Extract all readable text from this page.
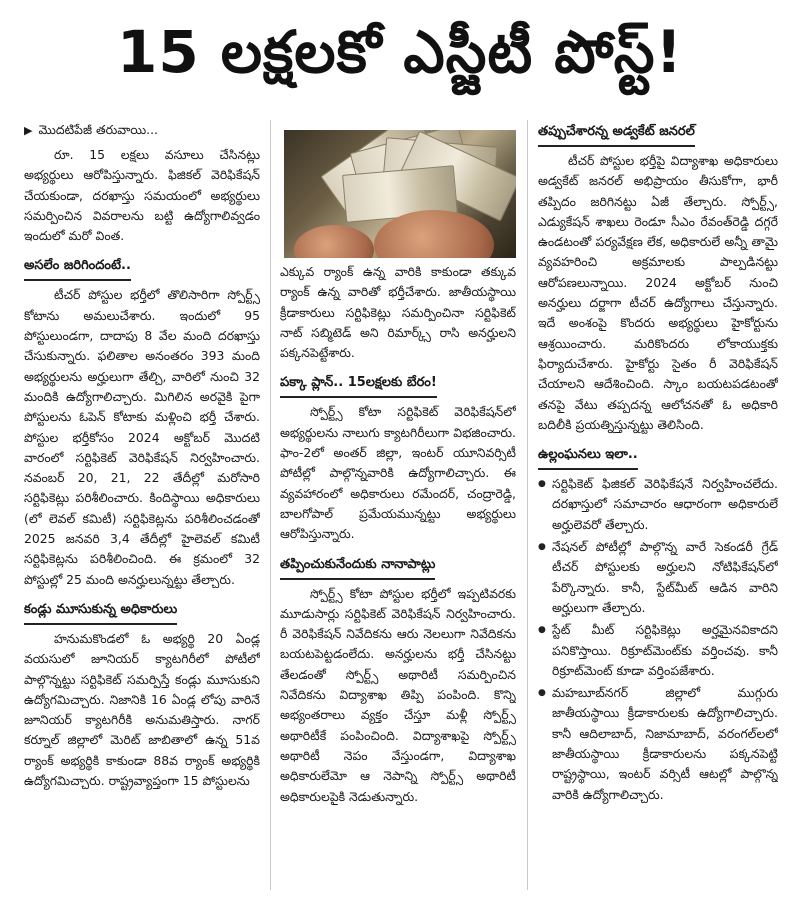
15 లక్షలకో ఎస్జీటీ పోస్ట్‌!
▶ మొదటిపేజీ తరువాయి...

రూ. 15 లక్షలు వసూలు చేసినట్లు అభ్యర్థులు ఆరోపిస్తున్నారు. ఫిజికల్ వెరిఫికేషన్ చేయకుండా, దరఖాస్తు సమయంలో అభ్యర్థులు సమర్పించిన వివరాలను బట్టి ఉద్యోగాలివ్వడం ఇందులో మరో వింత.

అసలేం జరిగిందంటే..

టీచర్ పోస్టుల భర్తీలో తొలిసారిగా స్పోర్ట్స్ కోటాను అమలుచేశారు. ఇందులో 95 పోస్టులుండగా, దాదాపు 8 వేల మంది దరఖాస్తు చేసుకున్నారు. ఫలితాల అనంతరం 393 మంది అభ్యర్థులను అర్హులుగా తేల్చి, వారిలో నుంచి 32 మందికి ఉద్యోగాలిచ్చారు. మిగిలిన అరవైకి పైగా పోస్టులను ఓపెన్ కోటాకు మళ్లించి భర్తీ చేశారు. పోస్టుల భర్తీకోసం 2024 అక్టోబర్ మొదటి వారంలో సర్టిఫికెట్ వెరిఫికేషన్ నిర్వహించారు. నవంబర్ 20, 21, 22 తేదీల్లో మరోసారి సర్టిఫికెట్లు పరిశీలించారు. కిందిస్థాయి అధికారులు (లో లెవల్ కమిటీ) సర్టిఫికెట్లను పరిశీలించడంతో 2025 జనవరి 3,4 తేదీల్లో హైలెవల్ కమిటీ సర్టిఫికెట్లను పరిశీలించింది. ఈ క్రమంలో 32 పోస్టుల్లో 25 మంది అనర్హులున్నట్టు తేల్చారు.

కండ్లు మూసుకున్న అధికారులు

హనుమకొండలో ఓ అభ్యర్థి 20 ఏండ్ల వయసులో జూనియర్ క్యాటగిరీలో పోటీలో పాల్గొన్నట్టు సర్టిఫికెట్ సమర్పిస్తే కండ్లు మూసుకుని ఉద్యోగమిచ్చారు. నిజానికి 16 ఏండ్ల లోపు వారినే జూనియర్ క్యాటగిరీకి అనుమతిస్తారు. నాగర్ కర్నూల్ జిల్లాలో మెరిట్ జాబితాలో ఉన్న 51వ ర్యాంక్ అభ్యర్థికి కాకుండా 88వ ర్యాంక్ అభ్యర్థికి ఉద్యోగమిచ్చారు. రాష్ట్రవ్యాప్తంగా 15 పోస్టులను

ఎక్కువ ర్యాంక్ ఉన్న వారికి కాకుండా తక్కువ ర్యాంక్ ఉన్న వారితో భర్తీచేశారు. జాతీయస్థాయి క్రీడాకారులు సర్టిఫికెట్లు సమర్పించినా సర్టిఫికెట్ నాట్ సబ్మిటెడ్ అని రిమార్క్స్ రాసి అనర్హులని పక్కనపెట్టేశారు.

పక్కా ప్లాన్‌.. 15లక్షలకు బేరం!

స్పోర్ట్స్ కోటా సర్టిఫికెట్ వెరిఫికేషన్‌లో అభ్యర్థులను నాలుగు క్యాటగిరీలుగా విభజించారు. ఫాం-2లో అంతర్ జిల్లా, ఇంటర్ యూనివర్సిటీ పోటీల్లో పాల్గొన్నవారికి ఉద్యోగాలిచ్చారు. ఈ వ్యవహారంలో అధికారులు రమేందర్, చంద్రారెడ్డి, బాలగోపాల్ ప్రమేయమున్నట్టు అభ్యర్థులు ఆరోపిస్తున్నారు.

తప్పించుకునేందుకు నానాపాట్లు

స్పోర్ట్స్ కోటా పోస్టుల భర్తీలో ఇప్పటివరకు మూడుసార్లు సర్టిఫికెట్ వెరిఫికేషన్ నిర్వహించారు. రీ వెరిఫికేషన్ నివేదికను ఆరు నెలలుగా నివేదికను బయటపెట్టడంలేదు. అనర్హులను భర్తీ చేసినట్టు తేలడంతో స్పోర్ట్స్ అథారిటీ సమర్పించిన నివేదికను విద్యాశాఖ తిప్పి పంపింది. కొన్ని అభ్యంతరాలు వ్యక్తం చేస్తూ మళ్లీ స్పోర్ట్స్ అథారిటీకే పంపించింది. విద్యాశాఖపై స్పోర్ట్స్ అథారిటీ నెపం వేస్తుండగా, విద్యాశాఖ అధికారులేమో ఆ నెపాన్ని స్పోర్ట్స్ అథారిటీ అధికారులపైకి నెడుతున్నారు.

తప్పుచేశారన్న అడ్వకేట్ జనరల్

టీచర్ పోస్టుల భర్తీపై విద్యాశాఖ అధికారులు అడ్వకేట్ జనరల్ అభిప్రాయం తీసుకోగా, భారీ తప్పిదం జరిగినట్టు ఏజీ తేల్చారు. స్పోర్ట్స్, ఎడ్యుకేషన్ శాఖలు రెండూ సీఎం రేవంత్‌రెడ్డి దగ్గరే ఉండటంతో పర్యవేక్షణ లేక, అధికారులే అన్నీ తామై వ్యవహరించి అక్రమాలకు పాల్పడినట్టు ఆరోపణలున్నాయి. 2024 అక్టోబర్ నుంచి అనర్హులు దర్జాగా టీచర్ ఉద్యోగాలు చేస్తున్నారు. ఇదే అంశంపై కొందరు అభ్యర్థులు హైకోర్టును ఆశ్రయించారు. మరికొందరు లోకాయుక్తకు ఫిర్యాదుచేశారు. హైకోర్టు సైతం రీ వెరిఫికేషన్ చేయాలని ఆదేశించింది. స్కాం బయటపడటంతో తనపై వేటు తప్పదన్న ఆలోచనతో ఓ అధికారి బదిలీకి ప్రయత్నిస్తున్నట్టు తెలిసింది.

ఉల్లంఘనలు ఇలా..
● సర్టిఫికెట్ ఫిజికల్ వెరిఫికేషనే నిర్వహించలేదు. దరఖాస్తులో సమాచారం ఆధారంగా అధికారులే అర్హులెవరో తేల్చారు.
● నేషనల్ పోటీల్లో పాల్గొన్న వారే సెకండరీ గ్రేడ్ టీచర్ పోస్టులకు అర్హులని నోటిఫికేషన్‌లో పేర్కొన్నారు. కానీ, స్టేట్‌మీట్ ఆడిన వారిని అర్హులుగా తేల్చారు.
● స్టేట్ మీట్ సర్టిఫికెట్లు అర్హమైనవికాదని పనికొస్తాయి. రిక్రూట్‌మెంట్‌కు వర్తించవు. కానీ రిక్రూట్‌మెంట్ కూడా వర్తింపజేశారు.
● మహబూబ్‌నగర్ జిల్లాలో ముగ్గురు జాతీయస్థాయి క్రీడాకారులకు ఉద్యోగాలిచ్చారు. కానీ ఆదిలాబాద్, నిజామాబాద్, వరంగల్‌లలో జాతీయస్థాయి క్రీడాకారులను పక్కనపెట్టి రాష్ట్రస్థాయి, ఇంటర్ వర్సిటీ ఆటల్లో పాల్గొన్న వారికి ఉద్యోగాలిచ్చారు.
